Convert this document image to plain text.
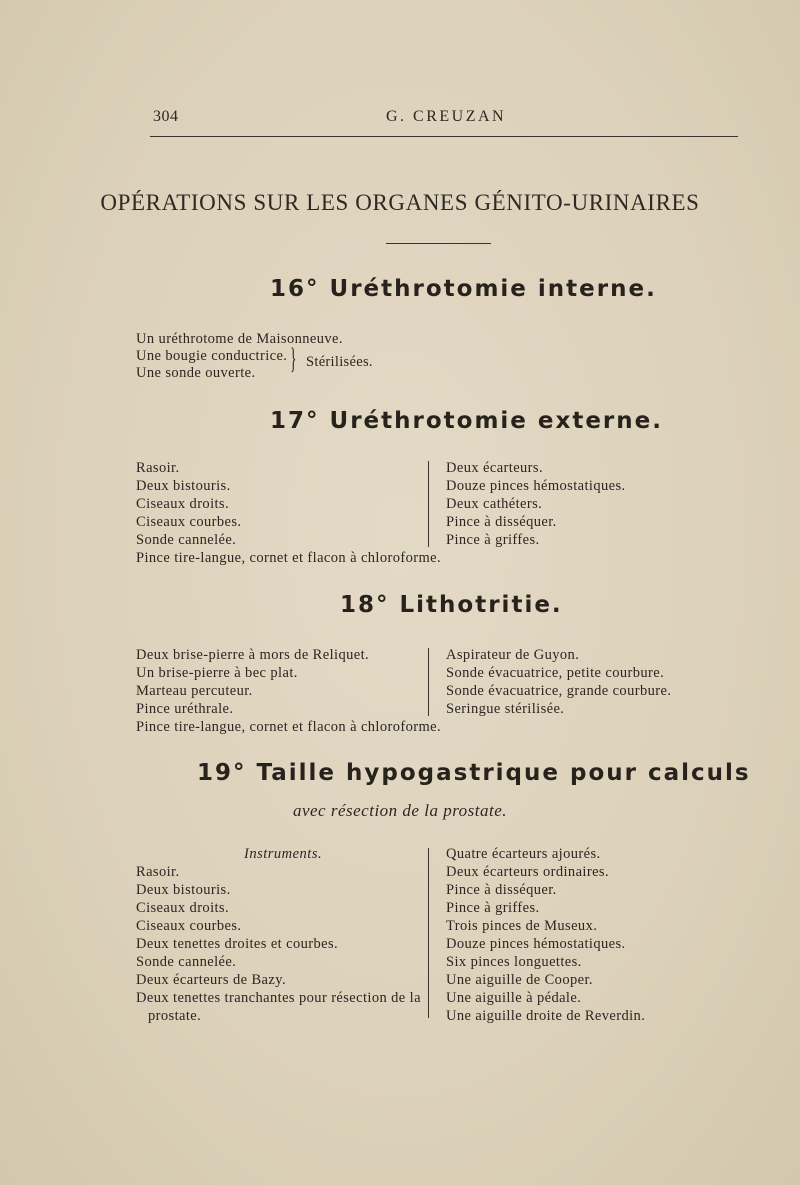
304	G. CREUZAN
OPÉRATIONS SUR LES ORGANES GÉNITO-URINAIRES
16° Uréthrotomie interne.
Un uréthrotome de Maisonneuve.
Une bougie conductrice.
Une sonde ouverte. } Stérilisées.
17° Uréthrotomie externe.
Rasoir.
Deux bistouris.
Ciseaux droits.
Ciseaux courbes.
Sonde cannelée.
Pince tire-langue, cornet et flacon à chloroforme.
Deux écarteurs.
Douze pinces hémostatiques.
Deux cathéters.
Pince à disséquer.
Pince à griffes.
18° Lithotritie.
Deux brise-pierre à mors de Reliquet.
Un brise-pierre à bec plat.
Marteau percuteur.
Pince uréthrale.
Pince tire-langue, cornet et flacon à chloroforme.
Aspirateur de Guyon.
Sonde évacuatrice, petite courbure.
Sonde évacuatrice, grande courbure.
Seringue stérilisée.
19° Taille hypogastrique pour calculs
avec résection de la prostate.
Instruments.
Rasoir.
Deux bistouris.
Ciseaux droits.
Ciseaux courbes.
Deux tenettes droites et courbes.
Sonde cannelée.
Deux écarteurs de Bazy.
Deux tenettes tranchantes pour résection de la
prostate.
Quatre écarteurs ajourés.
Deux écarteurs ordinaires.
Pince à disséquer.
Pince à griffes.
Trois pinces de Museux.
Douze pinces hémostatiques.
Six pinces longuettes.
Une aiguille de Cooper.
Une aiguille à pédale.
Une aiguille droite de Reverdin.
